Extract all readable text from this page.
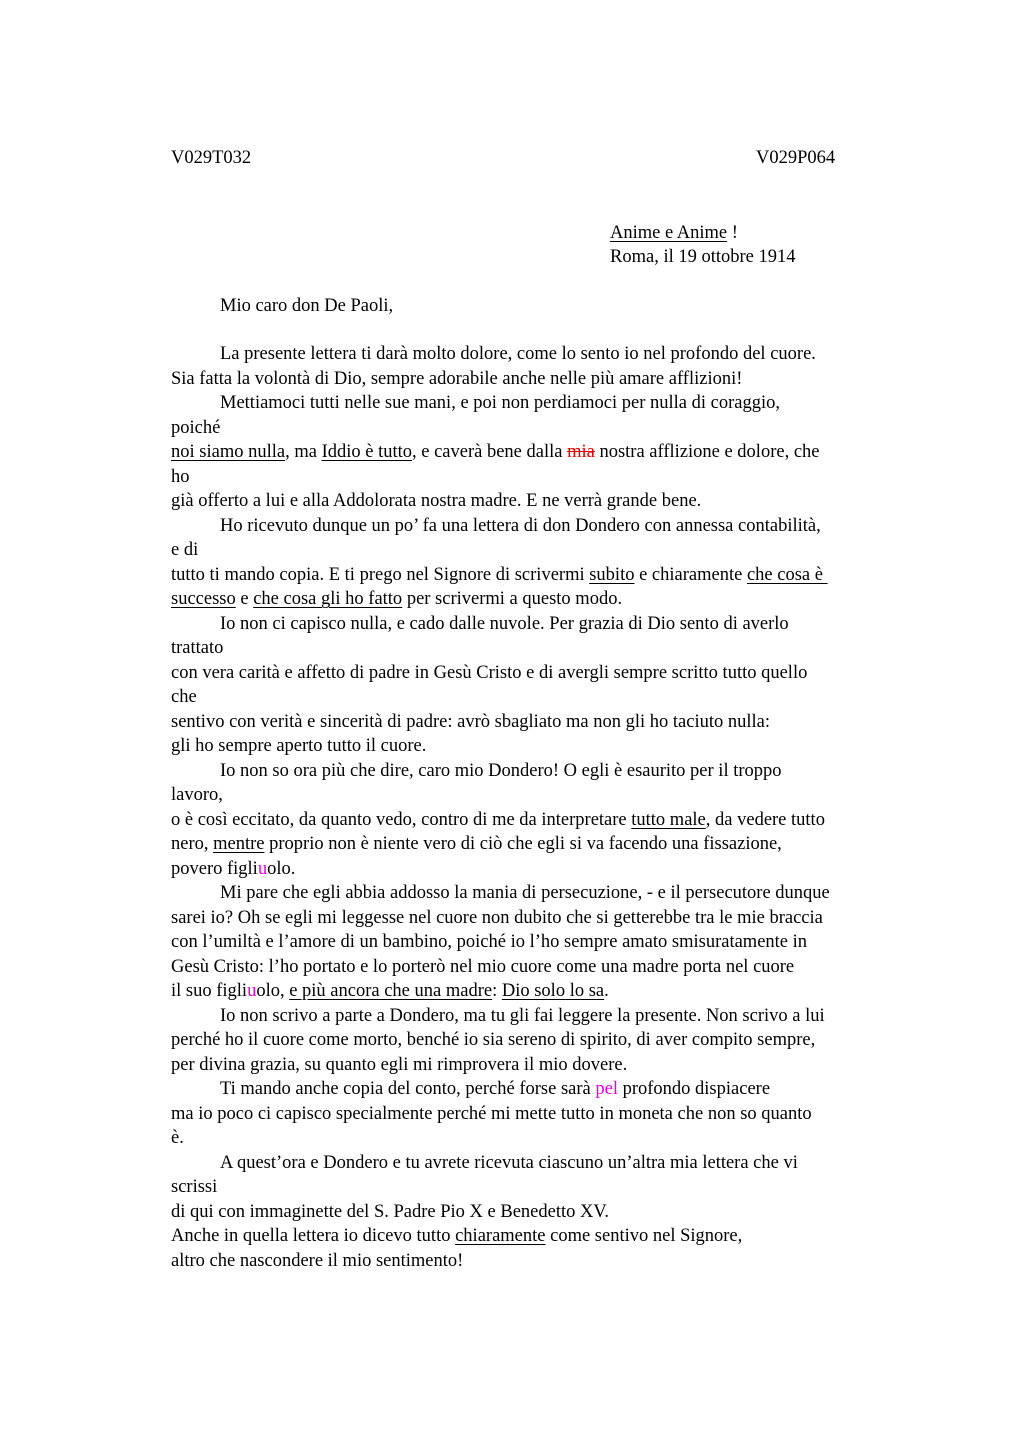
V029T032	V029P064
Anime e Anime !
Roma, il 19 ottobre 1914
Mio caro don De Paoli,
La presente lettera ti darà molto dolore, come lo sento io nel profondo del cuore.
Sia fatta la volontà di Dio, sempre adorabile anche nelle più amare afflizioni!
Mettiamoci tutti nelle sue mani, e poi non perdiamoci per nulla di coraggio,
poiché
noi siamo nulla, ma Iddio è tutto, e caverà bene dalla mia nostra afflizione e dolore, che
ho
già offerto a lui e alla Addolorata nostra madre. E ne verrà grande bene.
Ho ricevuto dunque un po’ fa una lettera di don Dondero con annessa contabilità,
e di
tutto ti mando copia. E ti prego nel Signore di scrivermi subito e chiaramente che cosa è
successo e che cosa gli ho fatto per scrivermi a questo modo.
Io non ci capisco nulla, e cado dalle nuvole. Per grazia di Dio sento di averlo
trattato
con vera carità e affetto di padre in Gesù Cristo e di avergli sempre scritto tutto quello
che
sentivo con verità e sincerità di padre: avrò sbagliato ma non gli ho taciuto nulla:
gli ho sempre aperto tutto il cuore.
Io non so ora più che dire, caro mio Dondero! O egli è esaurito per il troppo
lavoro,
o è così eccitato, da quanto vedo, contro di me da interpretare tutto male, da vedere tutto
nero, mentre proprio non è niente vero di ciò che egli si va facendo una fissazione,
povero figliuolo.
Mi pare che egli abbia addosso la mania di persecuzione, - e il persecutore dunque
sarei io? Oh se egli mi leggesse nel cuore non dubito che si getterebbe tra le mie braccia
con l’umiltà e l’amore di un bambino, poiché io l’ho sempre amato smisuratamente in
Gesù Cristo: l’ho portato e lo porterò nel mio cuore come una madre porta nel cuore
il suo figliuolo, e più ancora che una madre: Dio solo lo sa.
Io non scrivo a parte a Dondero, ma tu gli fai leggere la presente. Non scrivo a lui
perché ho il cuore come morto, benché io sia sereno di spirito, di aver compito sempre,
per divina grazia, su quanto egli mi rimprovera il mio dovere.
Ti mando anche copia del conto, perché forse sarà pel profondo dispiacere
ma io poco ci capisco specialmente perché mi mette tutto in moneta che non so quanto
è.
A quest’ora e Dondero e tu avrete ricevuta ciascuno un’altra mia lettera che vi
scrissi
di qui con immaginette del S. Padre Pio X e Benedetto XV.
Anche in quella lettera io dicevo tutto chiaramente come sentivo nel Signore,
altro che nascondere il mio sentimento!
